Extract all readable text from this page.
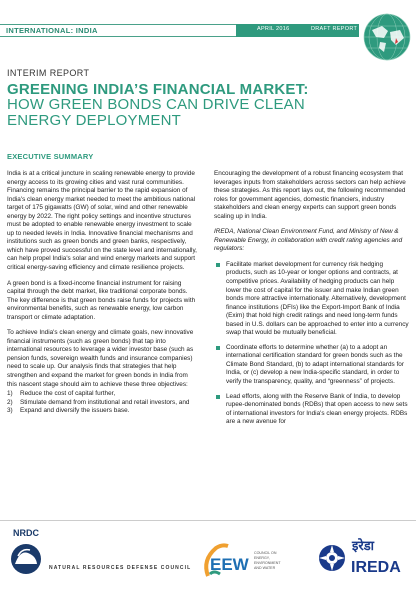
INTERNATIONAL: INDIA	APRIL 2016	DRAFT REPORT
INTERIM REPORT
GREENING INDIA’S FINANCIAL MARKET:
HOW GREEN BONDS CAN DRIVE CLEAN ENERGY DEPLOYMENT
EXECUTIVE SUMMARY

India is at a critical juncture in scaling renewable energy to provide energy access to its growing cities and vast rural communities. Financing remains the principal barrier to the rapid expansion of India's clean energy market needed to meet the ambitious national target of 175 gigawatts (GW) of solar, wind and other renewable energy by 2022. The right policy settings and incentive structures must be adopted to enable renewable energy investment to scale up to needed levels in India. Innovative financial mechanisms and institutions such as green bonds and green banks, respectively, which have proved successful on the state level and internationally, can help propel India's solar and wind energy markets and support critical energy-saving efficiency and climate resilience projects.

A green bond is a fixed-income financial instrument for raising capital through the debt market, like traditional corporate bonds. The key difference is that green bonds raise funds for projects with environmental benefits, such as renewable energy, low carbon transport or climate adaptation.

To achieve India's clean energy and climate goals, new innovative financial instruments (such as green bonds) that tap into international resources to leverage a wider investor base (such as pension funds, sovereign wealth funds and insurance companies) need to scale up. Our analysis finds that strategies that help strengthen and expand the market for green bonds in India from this nascent stage should aim to achieve these three objectives:

1)	Reduce the cost of capital further,
2)	Stimulate demand from institutional and retail investors, and
3)	Expand and diversify the issuers base.

Encouraging the development of a robust financing ecosystem that leverages inputs from stakeholders across sectors can help achieve these strategies. As this report lays out, the following recommended roles for government agencies, domestic financiers, industry stakeholders and clean energy experts can support green bonds scaling up in India.

IREDA, National Clean Environment Fund, and Ministry of New & Renewable Energy, in collaboration with credit rating agencies and regulators:

Facilitate market development for currency risk hedging products, such as 10-year or longer options and contracts, at competitive prices. Availability of hedging products can help lower the cost of capital for the issuer and make Indian green bonds more attractive internationally. Alternatively, development finance institutions (DFIs) like the Export-Import Bank of India (Exim) that hold high credit ratings and need long-term funds based in U.S. dollars can be approached to enter into a currency swap that would be mutually beneficial.
Coordinate efforts to determine whether (a) to a adopt an international certification standard for green bonds such as the Climate Bond Standard, (b) to adapt international standards for India, or (c) develop a new India-specific standard, in order to verify the transparency, quality, and “greenness” of projects.
Lead efforts, along with the Reserve Bank of India, to develop rupee-denominated bonds (RDBs) that open access to new sets of international investors for India's clean energy projects. RDBs are a new avenue for
NRDC
NATURAL RESOURCES DEFENSE COUNCIL EEW
COUNCIL ON
ENERGY,
ENVIRONMENT
AND WATER
इरेडा
IREDA
